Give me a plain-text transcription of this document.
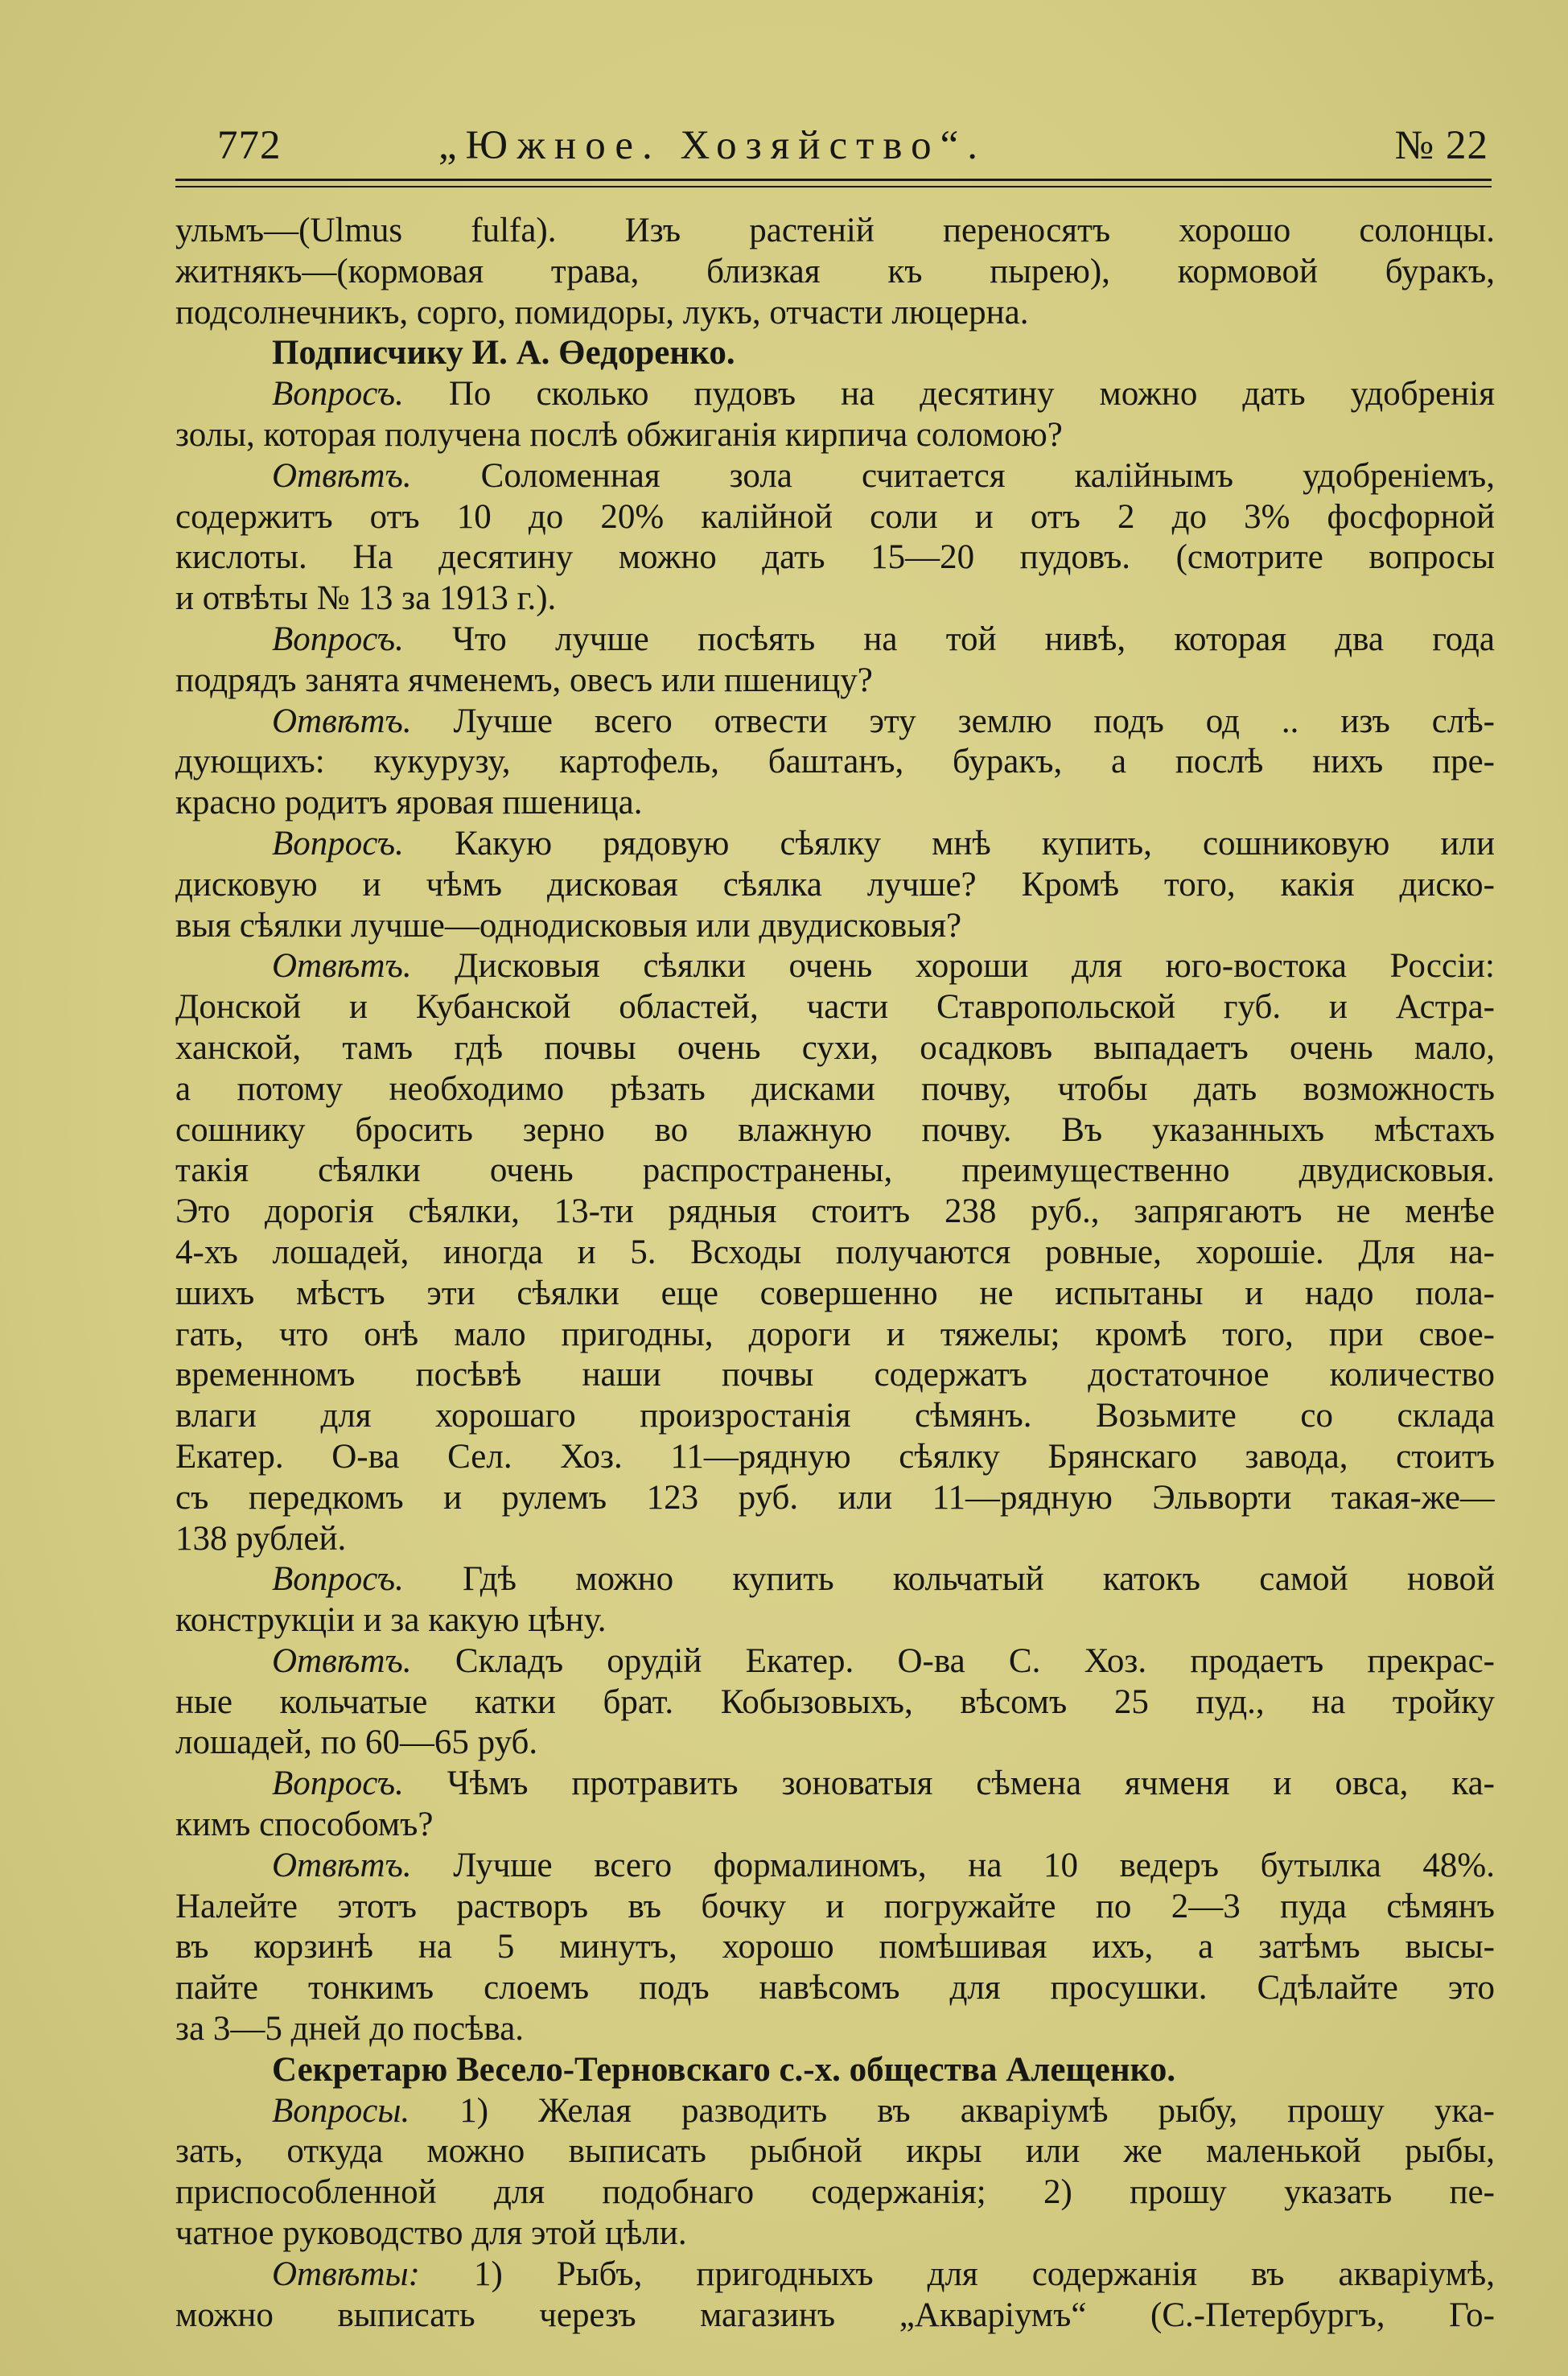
772	„Южное. Хозяйство“.	№ 22
ульмъ—(Ulmus fulfa). Изъ растеній переносятъ хорошо солонцы.
житнякъ—(кормовая трава, близкая къ пырею), кормовой буракъ,
подсолнечникъ, сорго, помидоры, лукъ, отчасти люцерна.
Подписчику И. А. Өедоренко.
Вопросъ. По сколько пудовъ на десятину можно дать удобренія
золы, которая получена послѣ обжиганія кирпича соломою?
Отвѣтъ. Соломенная зола считается калійнымъ удобреніемъ,
содержитъ отъ 10 до 20% калійной соли и отъ 2 до 3% фосфорной
кислоты. На десятину можно дать 15—20 пудовъ. (смотрите вопросы
и отвѣты № 13 за 1913 г.).
Вопросъ. Что лучше посѣять на той нивѣ, которая два года
подрядъ занята ячменемъ, овесъ или пшеницу?
Отвѣтъ. Лучше всего отвести эту землю подъ од .. изъ слѣ-
дующихъ: кукурузу, картофель, баштанъ, буракъ, а послѣ нихъ пре-
красно родитъ яровая пшеница.
Вопросъ. Какую рядовую сѣялку мнѣ купить, сошниковую или
дисковую и чѣмъ дисковая сѣялка лучше? Кромѣ того, какія диско-
выя сѣялки лучше—однодисковыя или двудисковыя?
Отвѣтъ. Дисковыя сѣялки очень хороши для юго-востока Россіи:
Донской и Кубанской областей, части Ставропольской губ. и Астра-
ханской, тамъ гдѣ почвы очень сухи, осадковъ выпадаетъ очень мало,
а потому необходимо рѣзать дисками почву, чтобы дать возможность
сошнику бросить зерно во влажную почву. Въ указанныхъ мѣстахъ
такія сѣялки очень распространены, преимущественно двудисковыя.
Это дорогія сѣялки, 13-ти рядныя стоитъ 238 руб., запрягаютъ не менѣе
4-хъ лошадей, иногда и 5. Всходы получаются ровные, хорошіе. Для на-
шихъ мѣстъ эти сѣялки еще совершенно не испытаны и надо пола-
гать, что онѣ мало пригодны, дороги и тяжелы; кромѣ того, при свое-
временномъ посѣвѣ наши почвы содержатъ достаточное количество
влаги для хорошаго произростанія сѣмянъ. Возьмите со склада
Екатер. О-ва Сел. Хоз. 11—рядную сѣялку Брянскаго завода, стоитъ
съ передкомъ и рулемъ 123 руб. или 11—рядную Эльворти такая-же—
138 рублей.
Вопросъ. Гдѣ можно купить кольчатый катокъ самой новой
конструкціи и за какую цѣну.
Отвѣтъ. Складъ орудій Екатер. О-ва С. Хоз. продаетъ прекрас-
ные кольчатые катки брат. Кобызовыхъ, вѣсомъ 25 пуд., на тройку
лошадей, по 60—65 руб.
Вопросъ. Чѣмъ протравить зоноватыя сѣмена ячменя и овса, ка-
кимъ способомъ?
Отвѣтъ. Лучше всего формалиномъ, на 10 ведеръ бутылка 48%.
Налейте этотъ растворъ въ бочку и погружайте по 2—3 пуда сѣмянъ
въ корзинѣ на 5 минутъ, хорошо помѣшивая ихъ, а затѣмъ высы-
пайте тонкимъ слоемъ подъ навѣсомъ для просушки. Сдѣлайте это
за 3—5 дней до посѣва.
Секретарю Весело-Терновскаго с.-х. общества Алещенко.
Вопросы. 1) Желая разводить въ акваріумѣ рыбу, прошу ука-
зать, откуда можно выписать рыбной икры или же маленькой рыбы,
приспособленной для подобнаго содержанія; 2) прошу указать пе-
чатное руководство для этой цѣли.
Отвѣты: 1) Рыбъ, пригодныхъ для содержанія въ акваріумѣ,
можно выписать черезъ магазинъ „Акваріумъ“ (С.-Петербургъ, Го-
